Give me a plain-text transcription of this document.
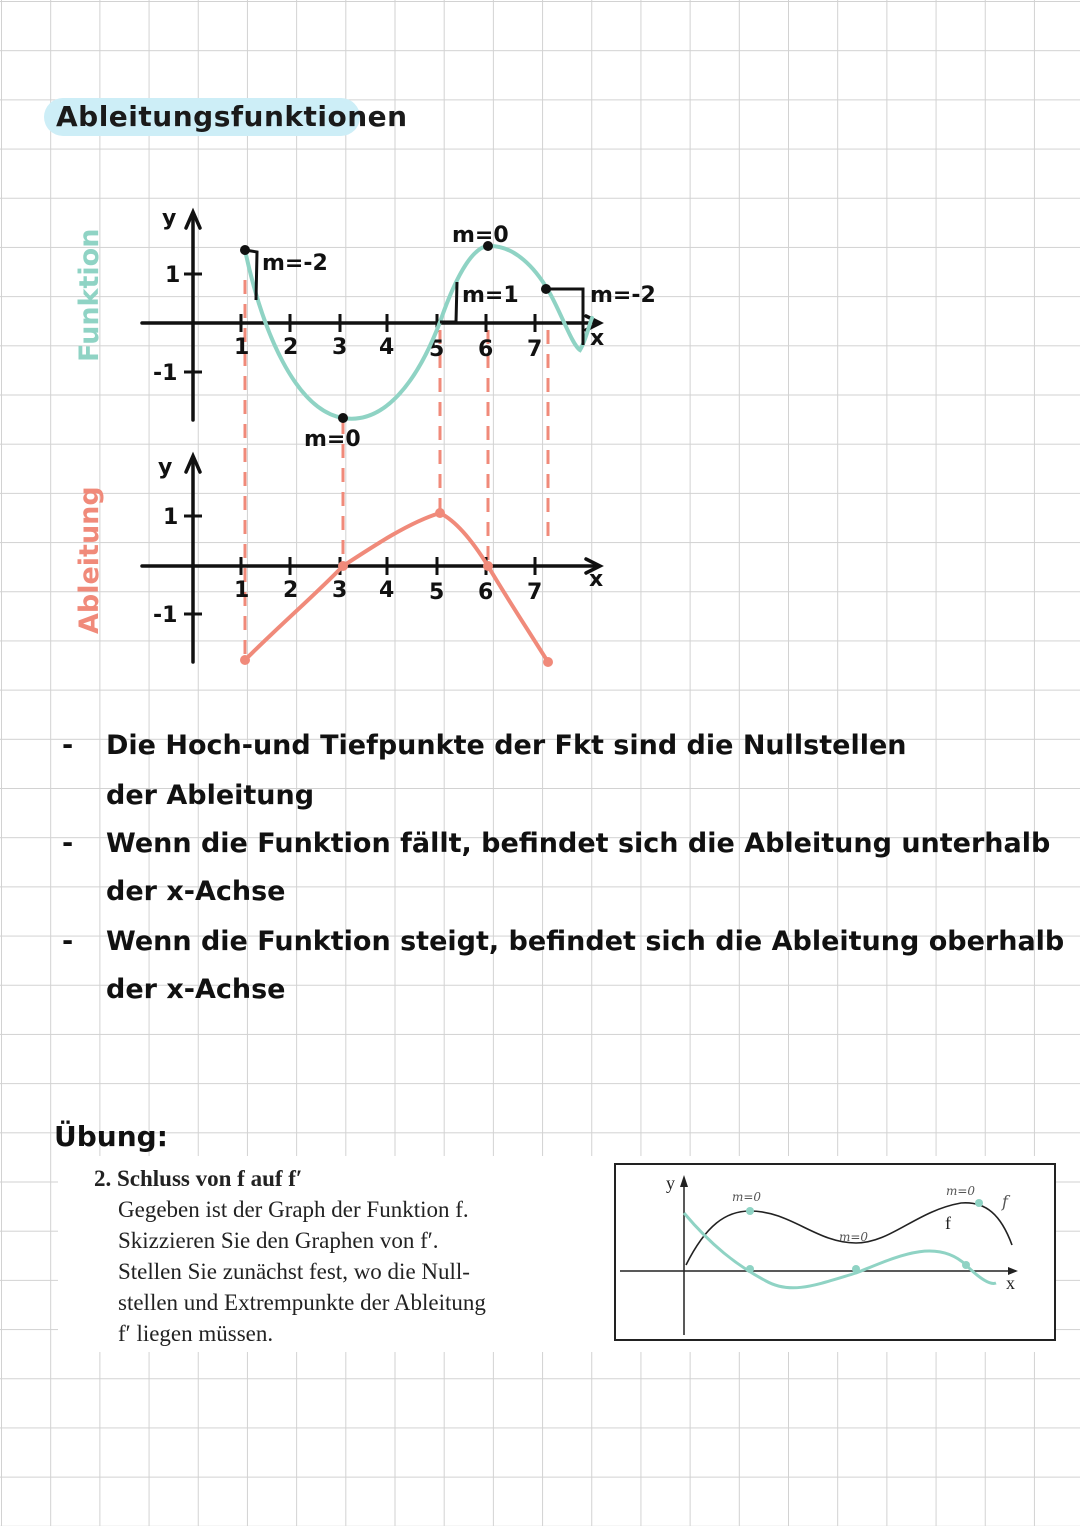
Ableitungsfunktionen
Funktion
Ableitung
y
x
1
-1
1 2 3 4 5 6 7
m=-2
m=0
m=1	m=-2
m=0
y
x
1
-1
1 2 3 4 5 6 7
- Die Hoch-und Tiefpunkte der Fkt sind die Nullstellen
der Ableitung
- Wenn die Funktion fällt, befindet sich die Ableitung unterhalb
der x-Achse
- Wenn die Funktion steigt, befindet sich die Ableitung oberhalb
der x-Achse
Übung:
2. Schluss von f auf f′
Gegeben ist der Graph der Funktion f.
Skizzieren Sie den Graphen von f′.
Stellen Sie zunächst fest, wo die Null-
stellen und Extrempunkte der Ableitung
f′ liegen müssen.
y
x
m=0
m=0
m=0
f
f
